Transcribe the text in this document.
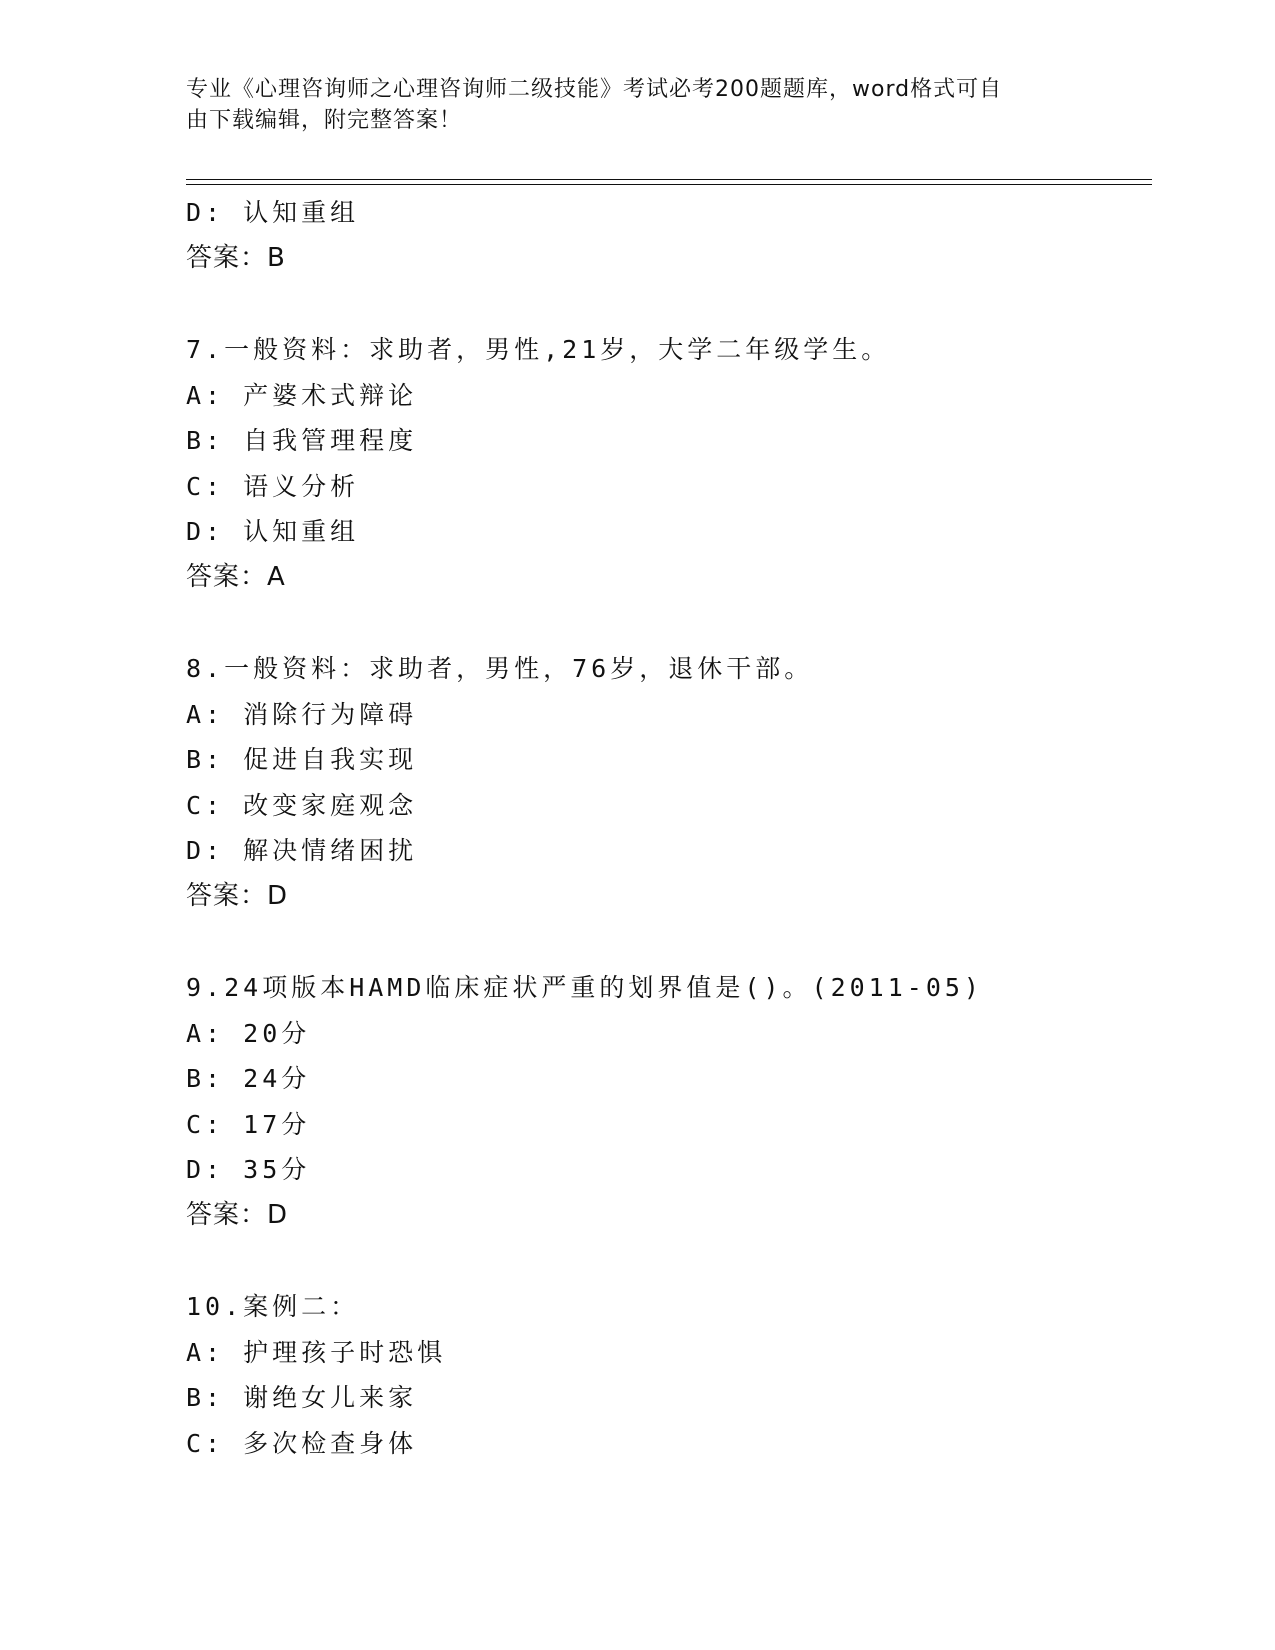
专业《心理咨询师之心理咨询师二级技能》考试必考200题题库，word格式可自
由下载编辑，附完整答案！
D: 认知重组
答案：B
7.一般资料：求助者，男性,21岁，大学二年级学生。
A: 产婆术式辩论
B: 自我管理程度
C: 语义分析
D: 认知重组
答案：A
8.一般资料：求助者，男性，76岁，退休干部。
A: 消除行为障碍
B: 促进自我实现
C: 改变家庭观念
D: 解决情绪困扰
答案：D
9.24项版本HAMD临床症状严重的划界值是()。(2011-05)
A: 20分
B: 24分
C: 17分
D: 35分
答案：D
10.案例二：
A: 护理孩子时恐惧
B: 谢绝女儿来家
C: 多次检查身体
